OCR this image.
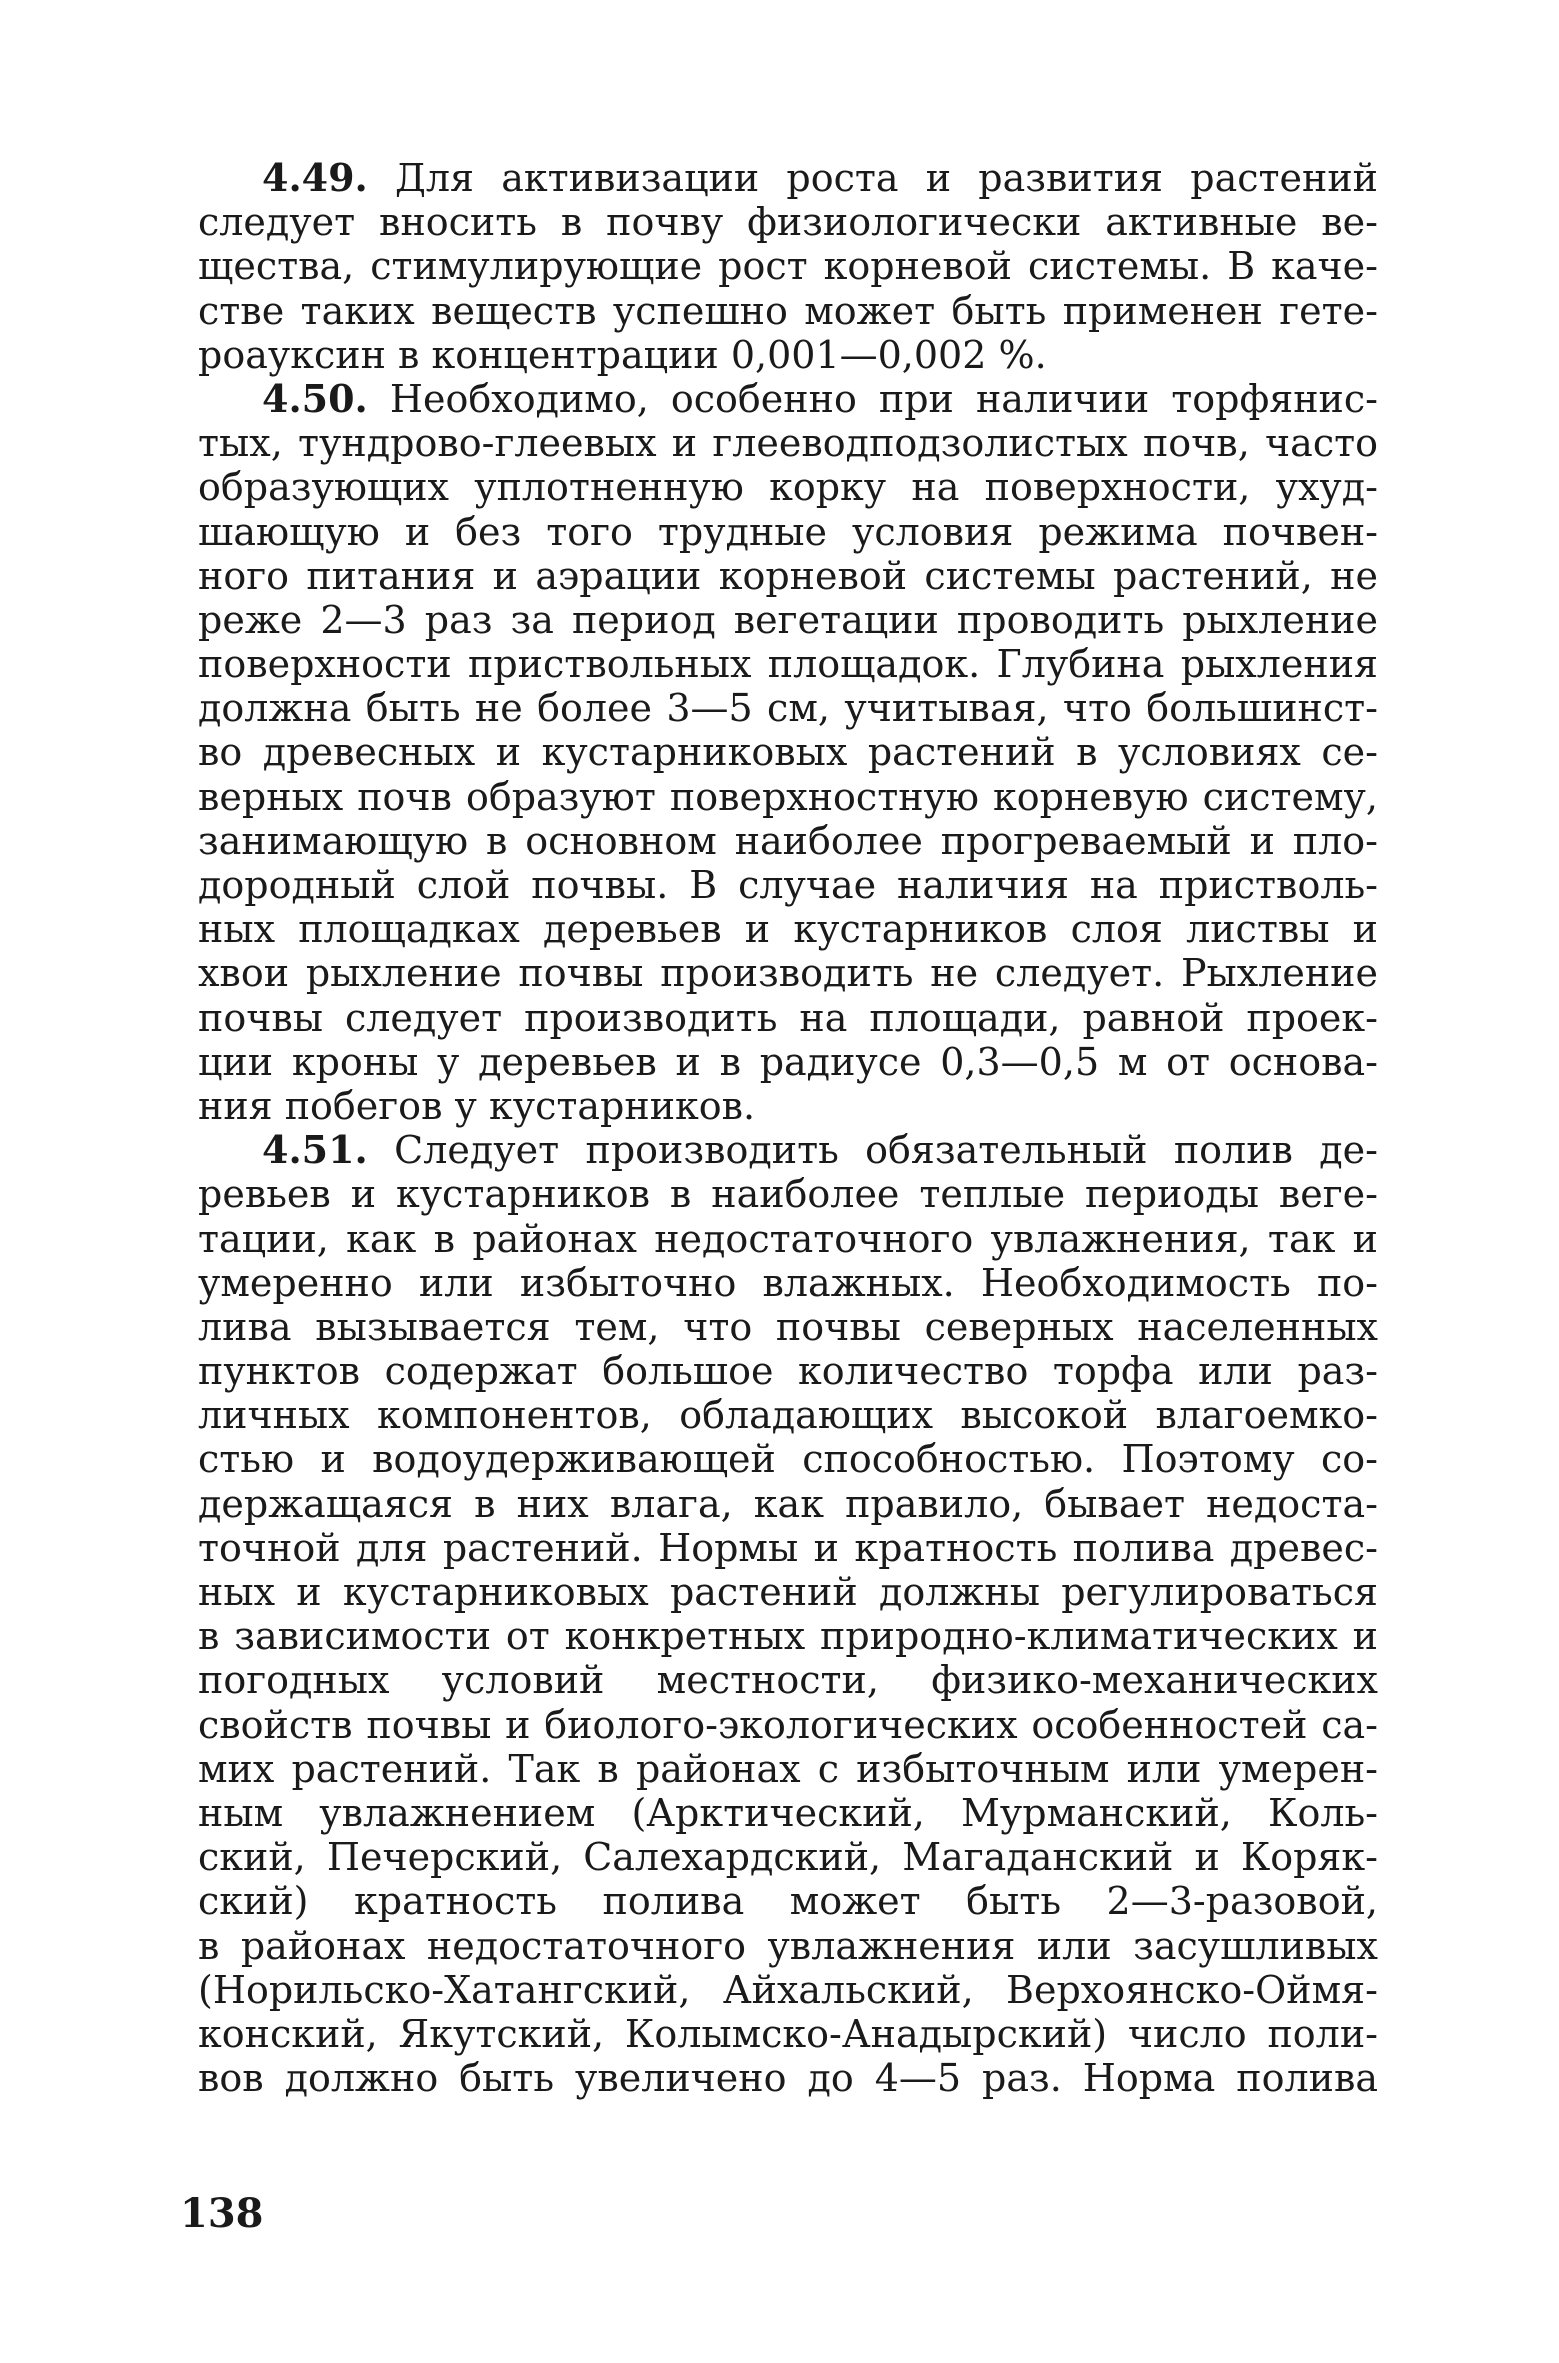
4.49. Для активизации роста и развития растений
следует вносить в почву физиологически активные ве-
щества, стимулирующие рост корневой системы. В каче-
стве таких веществ успешно может быть применен гете-
роауксин в концентрации 0,001—0,002 %.
4.50. Необходимо, особенно при наличии торфянис-
тых, тундрово-глеевых и глееводподзолистых почв, часто
образующих уплотненную корку на поверхности, ухуд-
шающую и без того трудные условия режима почвен-
ного питания и аэрации корневой системы растений, не
реже 2—3 раз за период вегетации проводить рыхление
поверхности приствольных площадок. Глубина рыхления
должна быть не более 3—5 см, учитывая, что большинст-
во древесных и кустарниковых растений в условиях се-
верных почв образуют поверхностную корневую систему,
занимающую в основном наиболее прогреваемый и пло-
дородный слой почвы. В случае наличия на пристволь-
ных площадках деревьев и кустарников слоя листвы и
хвои рыхление почвы производить не следует. Рыхление
почвы следует производить на площади, равной проек-
ции кроны у деревьев и в радиусе 0,3—0,5 м от основа-
ния побегов у кустарников.
4.51. Следует производить обязательный полив де-
ревьев и кустарников в наиболее теплые периоды веге-
тации, как в районах недостаточного увлажнения, так и
умеренно или избыточно влажных. Необходимость по-
лива вызывается тем, что почвы северных населенных
пунктов содержат большое количество торфа или раз-
личных компонентов, обладающих высокой влагоемко-
стью и водоудерживающей способностью. Поэтому со-
держащаяся в них влага, как правило, бывает недоста-
точной для растений. Нормы и кратность полива древес-
ных и кустарниковых растений должны регулироваться
в зависимости от конкретных природно-климатических и
погодных условий местности, физико-механических
свойств почвы и биолого-экологических особенностей са-
мих растений. Так в районах с избыточным или умерен-
ным увлажнением (Арктический, Мурманский, Коль-
ский, Печерский, Салехардский, Магаданский и Коряк-
ский) кратность полива может быть 2—3-разовой,
в районах недостаточного увлажнения или засушливых
(Норильско-Хатангский, Айхальский, Верхоянско-Оймя-
конский, Якутский, Колымско-Анадырский) число поли-
вов должно быть увеличено до 4—5 раз. Норма полива
138
